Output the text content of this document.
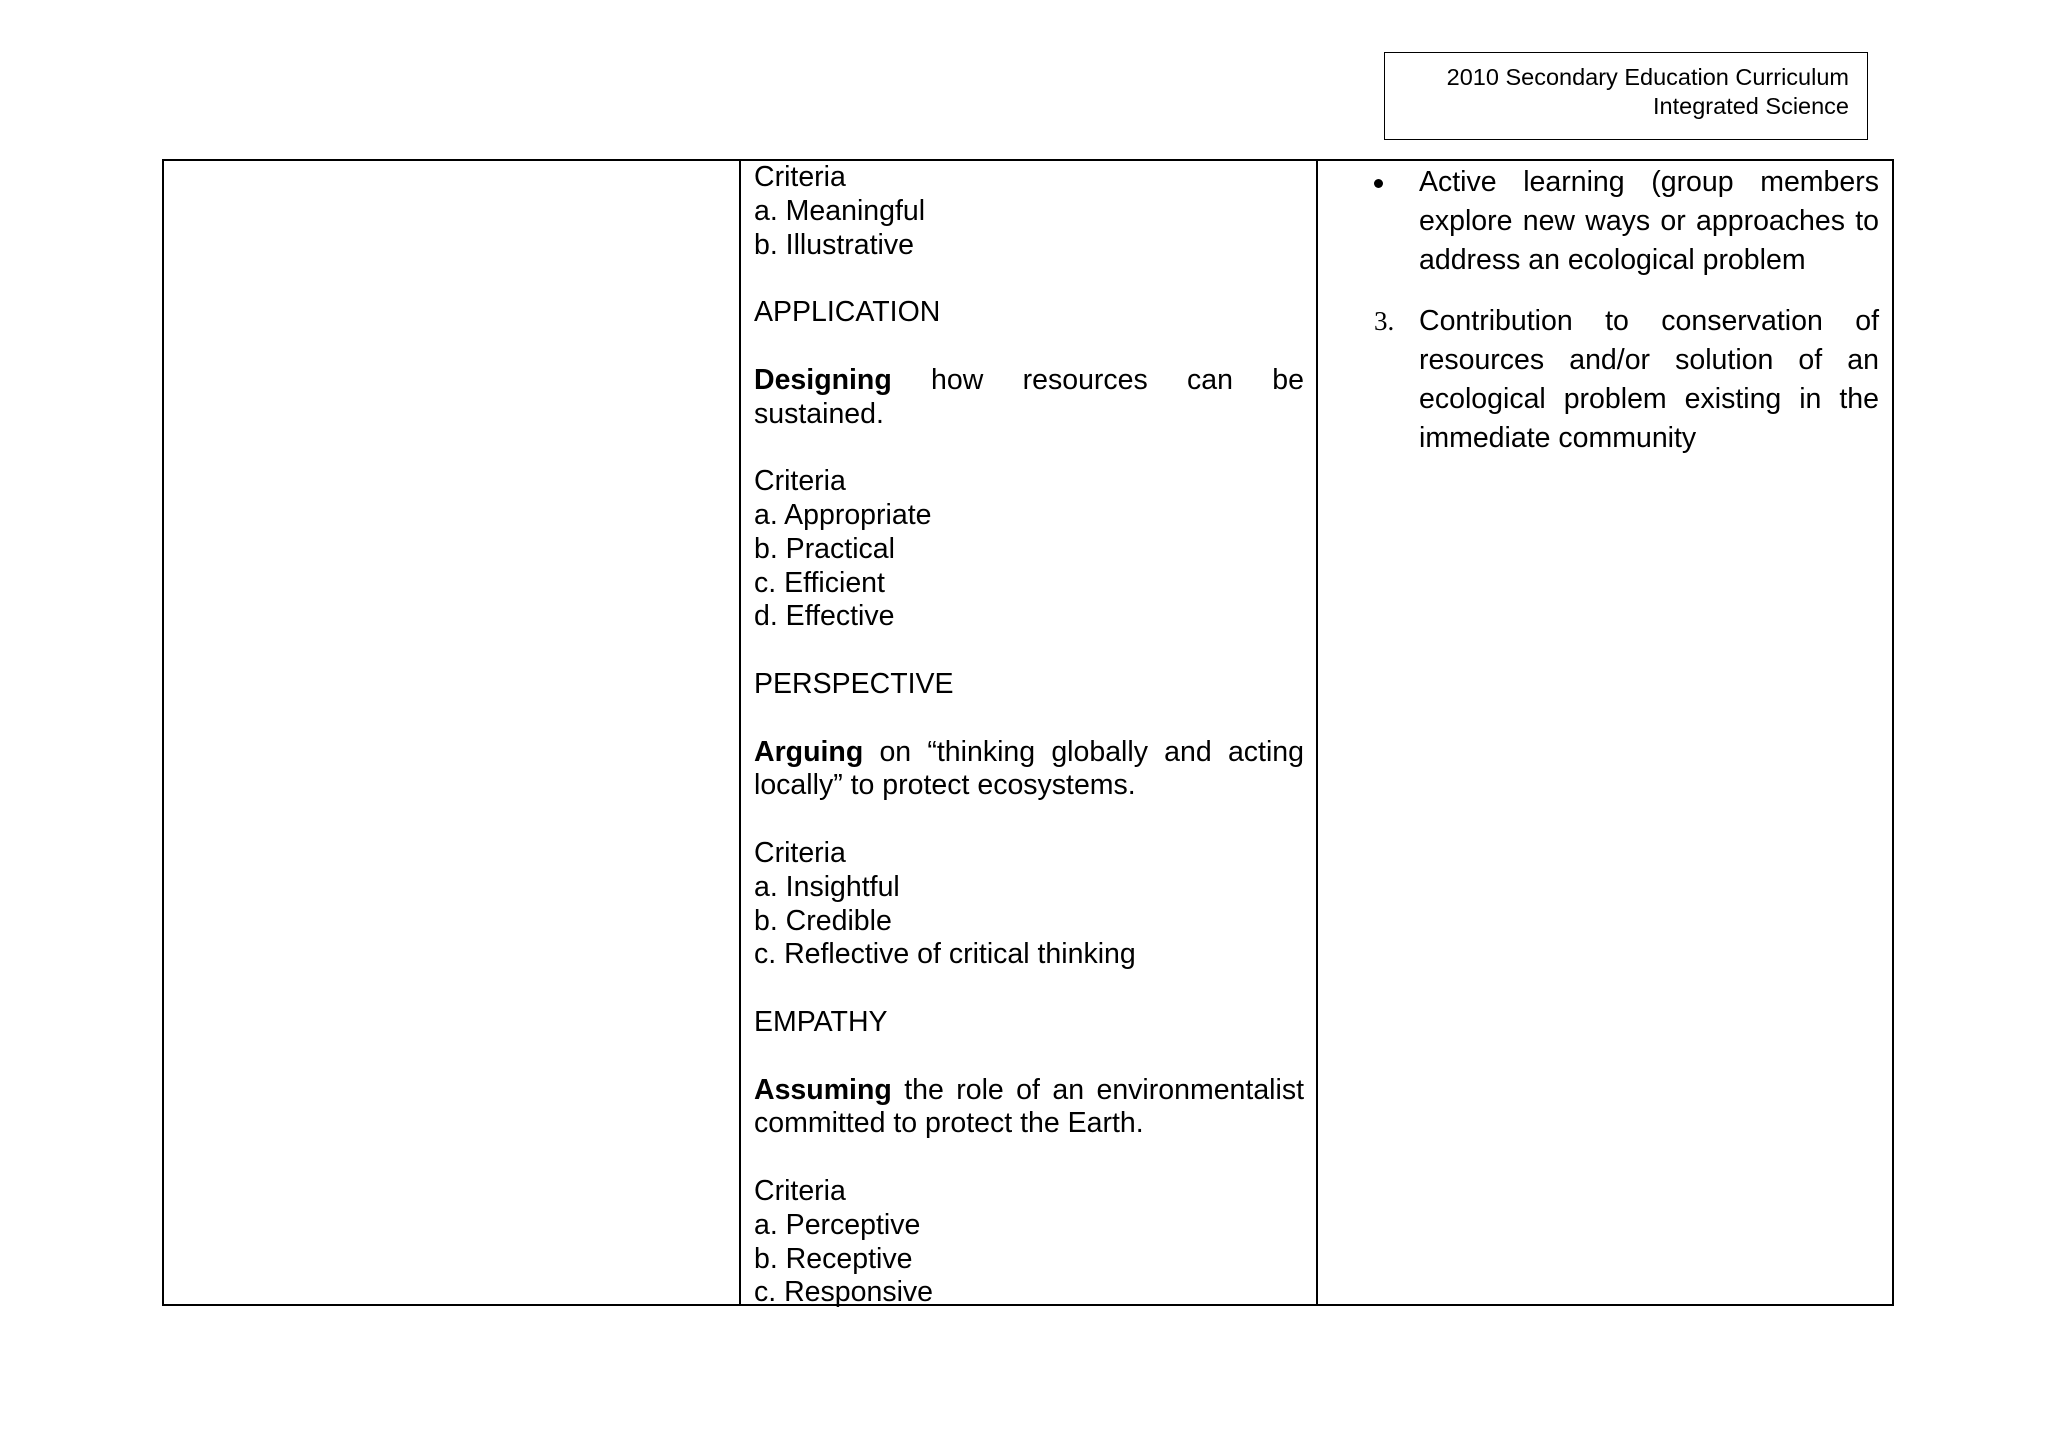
2010 Secondary Education Curriculum
Integrated Science
Criteria
a. Meaningful
b. Illustrative
APPLICATION
Designing how resources can be sustained.
Criteria
a. Appropriate
b. Practical
c. Efficient
d. Effective
PERSPECTIVE
Arguing on “thinking globally and acting locally” to protect ecosystems.
Criteria
a. Insightful
b. Credible
c. Reflective of critical thinking
EMPATHY
Assuming the role of an environmentalist committed to protect the Earth.
Criteria
a. Perceptive
b. Receptive
c. Responsive
Active learning (group members explore new ways or approaches to address an ecological problem
3. Contribution to conservation of resources and/or solution of an ecological problem existing in the immediate community
